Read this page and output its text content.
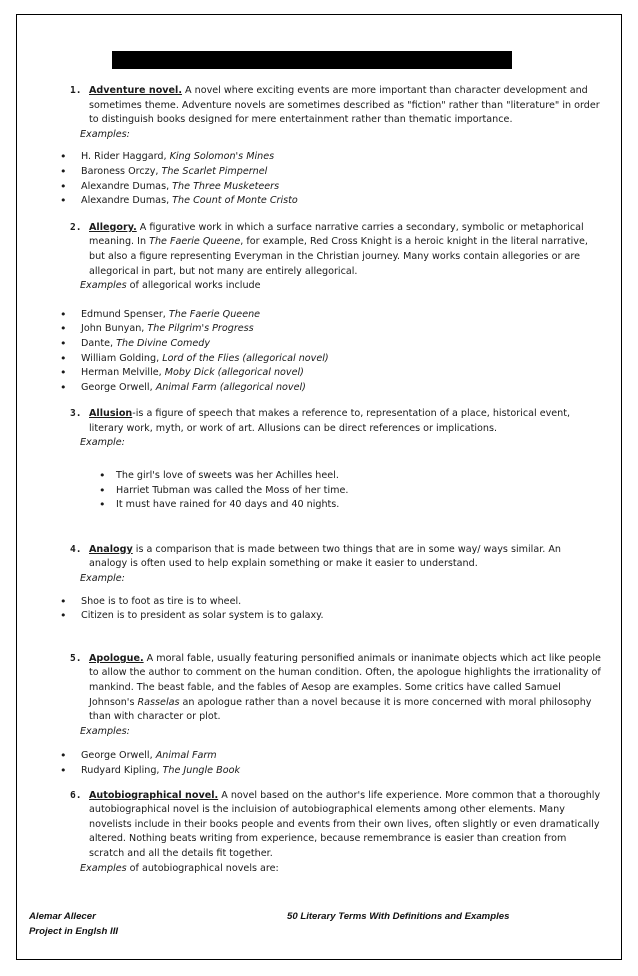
1. Adventure novel. A novel where exciting events are more important than character development and sometimes theme. Adventure novels are sometimes described as "fiction" rather than "literature" in order to distinguish books designed for mere entertainment rather than thematic importance.
Examples:
• H. Rider Haggard, King Solomon's Mines
• Baroness Orczy, The Scarlet Pimpernel
• Alexandre Dumas, The Three Musketeers
• Alexandre Dumas, The Count of Monte Cristo
2. Allegory. A figurative work in which a surface narrative carries a secondary, symbolic or metaphorical meaning. In The Faerie Queene, for example, Red Cross Knight is a heroic knight in the literal narrative, but also a figure representing Everyman in the Christian journey. Many works contain allegories or are allegorical in part, but not many are entirely allegorical.
Examples of allegorical works include
• Edmund Spenser, The Faerie Queene
• John Bunyan, The Pilgrim's Progress
• Dante, The Divine Comedy
• William Golding, Lord of the Flies (allegorical novel)
• Herman Melville, Moby Dick (allegorical novel)
• George Orwell, Animal Farm (allegorical novel)
3. Allusion-is a figure of speech that makes a reference to, representation of a place, historical event, literary work, myth, or work of art. Allusions can be direct references or implications.
Example:
• The girl's love of sweets was her Achilles heel.
• Harriet Tubman was called the Moss of her time.
• It must have rained for 40 days and 40 nights.
4. Analogy is a comparison that is made between two things that are in some way/ ways similar. An analogy is often used to help explain something or make it easier to understand.
Example:
• Shoe is to foot as tire is to wheel.
• Citizen is to president as solar system is to galaxy.
5. Apologue. A moral fable, usually featuring personified animals or inanimate objects which act like people to allow the author to comment on the human condition. Often, the apologue highlights the irrationality of mankind. The beast fable, and the fables of Aesop are examples. Some critics have called Samuel Johnson's Rasselas an apologue rather than a novel because it is more concerned with moral philosophy than with character or plot.
Examples:
• George Orwell, Animal Farm
• Rudyard Kipling, The Jungle Book
6. Autobiographical novel. A novel based on the author's life experience. More common that a thoroughly autobiographical novel is the incluision of autobiographical elements among other elements. Many novelists include in their books people and events from their own lives, often slightly or even dramatically altered. Nothing beats writing from experience, because remembrance is easier than creation from scratch and all the details fit together.
Examples of autobiographical novels are:
Alemar Allecer
Project in Englsh III
50 Literary Terms With Definitions and Examples
